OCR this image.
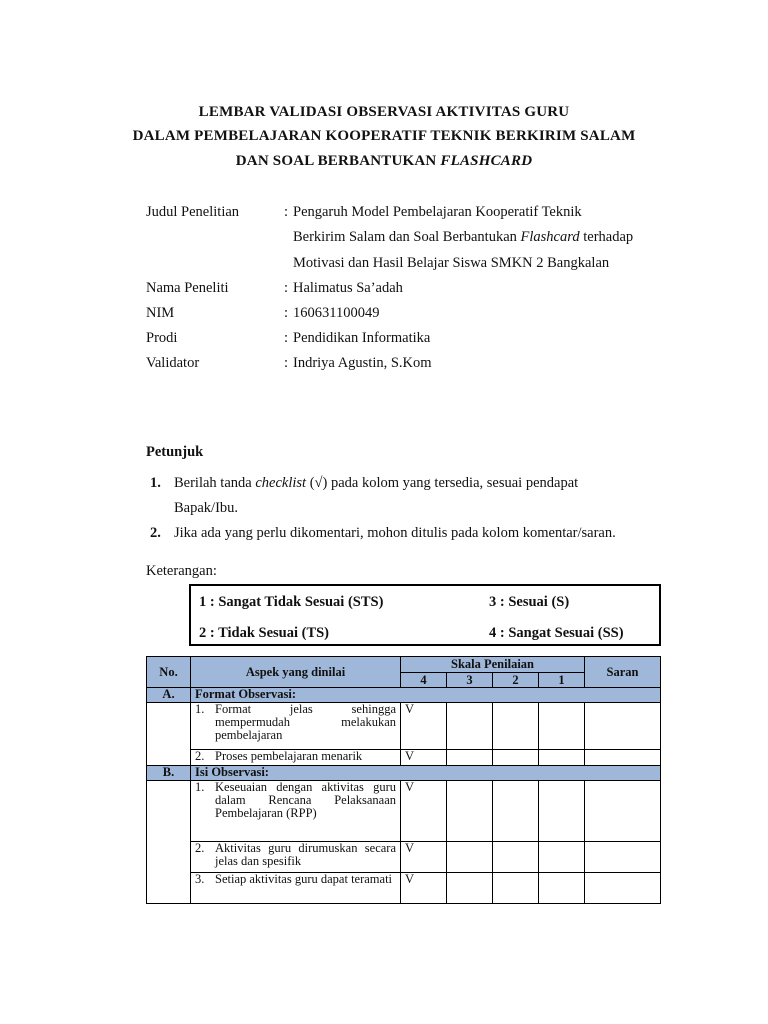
LEMBAR VALIDASI OBSERVASI AKTIVITAS GURU
DALAM PEMBELAJARAN KOOPERATIF TEKNIK BERKIRIM SALAM
DAN SOAL BERBANTUKAN FLASHCARD
Judul Penelitian	: Pengaruh Model Pembelajaran Kooperatif Teknik
Berkirim Salam dan Soal Berbantukan Flashcard terhadap
Motivasi dan Hasil Belajar Siswa SMKN 2 Bangkalan
Nama Peneliti	: Halimatus Sa’adah
NIM	: 160631100049
Prodi	: Pendidikan Informatika
Validator	: Indriya Agustin, S.Kom
Petunjuk
1. Berilah tanda checklist (√) pada kolom yang tersedia, sesuai pendapat
Bapak/Ibu.
2. Jika ada yang perlu dikomentari, mohon ditulis pada kolom komentar/saran.
Keterangan:
1 : Sangat Tidak Sesuai (STS)	3 : Sesuai (S)
2 : Tidak Sesuai (TS)	4 : Sangat Sesuai (SS)
No.	Aspek yang dinilai	Skala Penilaian				Saran
		4	3	2	1	
A.	Format Observasi:					

	1. Format jelas sehingga mempermudah melakukan pembelajaran	V				

	2. Proses pembelajaran menarik	V				
B.	Isi Observasi:					

	1. Keseuaian dengan aktivitas guru dalam Rencana Pelaksanaan Pembelajaran (RPP)	V				

	2. Aktivitas guru dirumuskan secara jelas dan spesifik	V				

	3. Setiap aktivitas guru dapat teramati	V				
